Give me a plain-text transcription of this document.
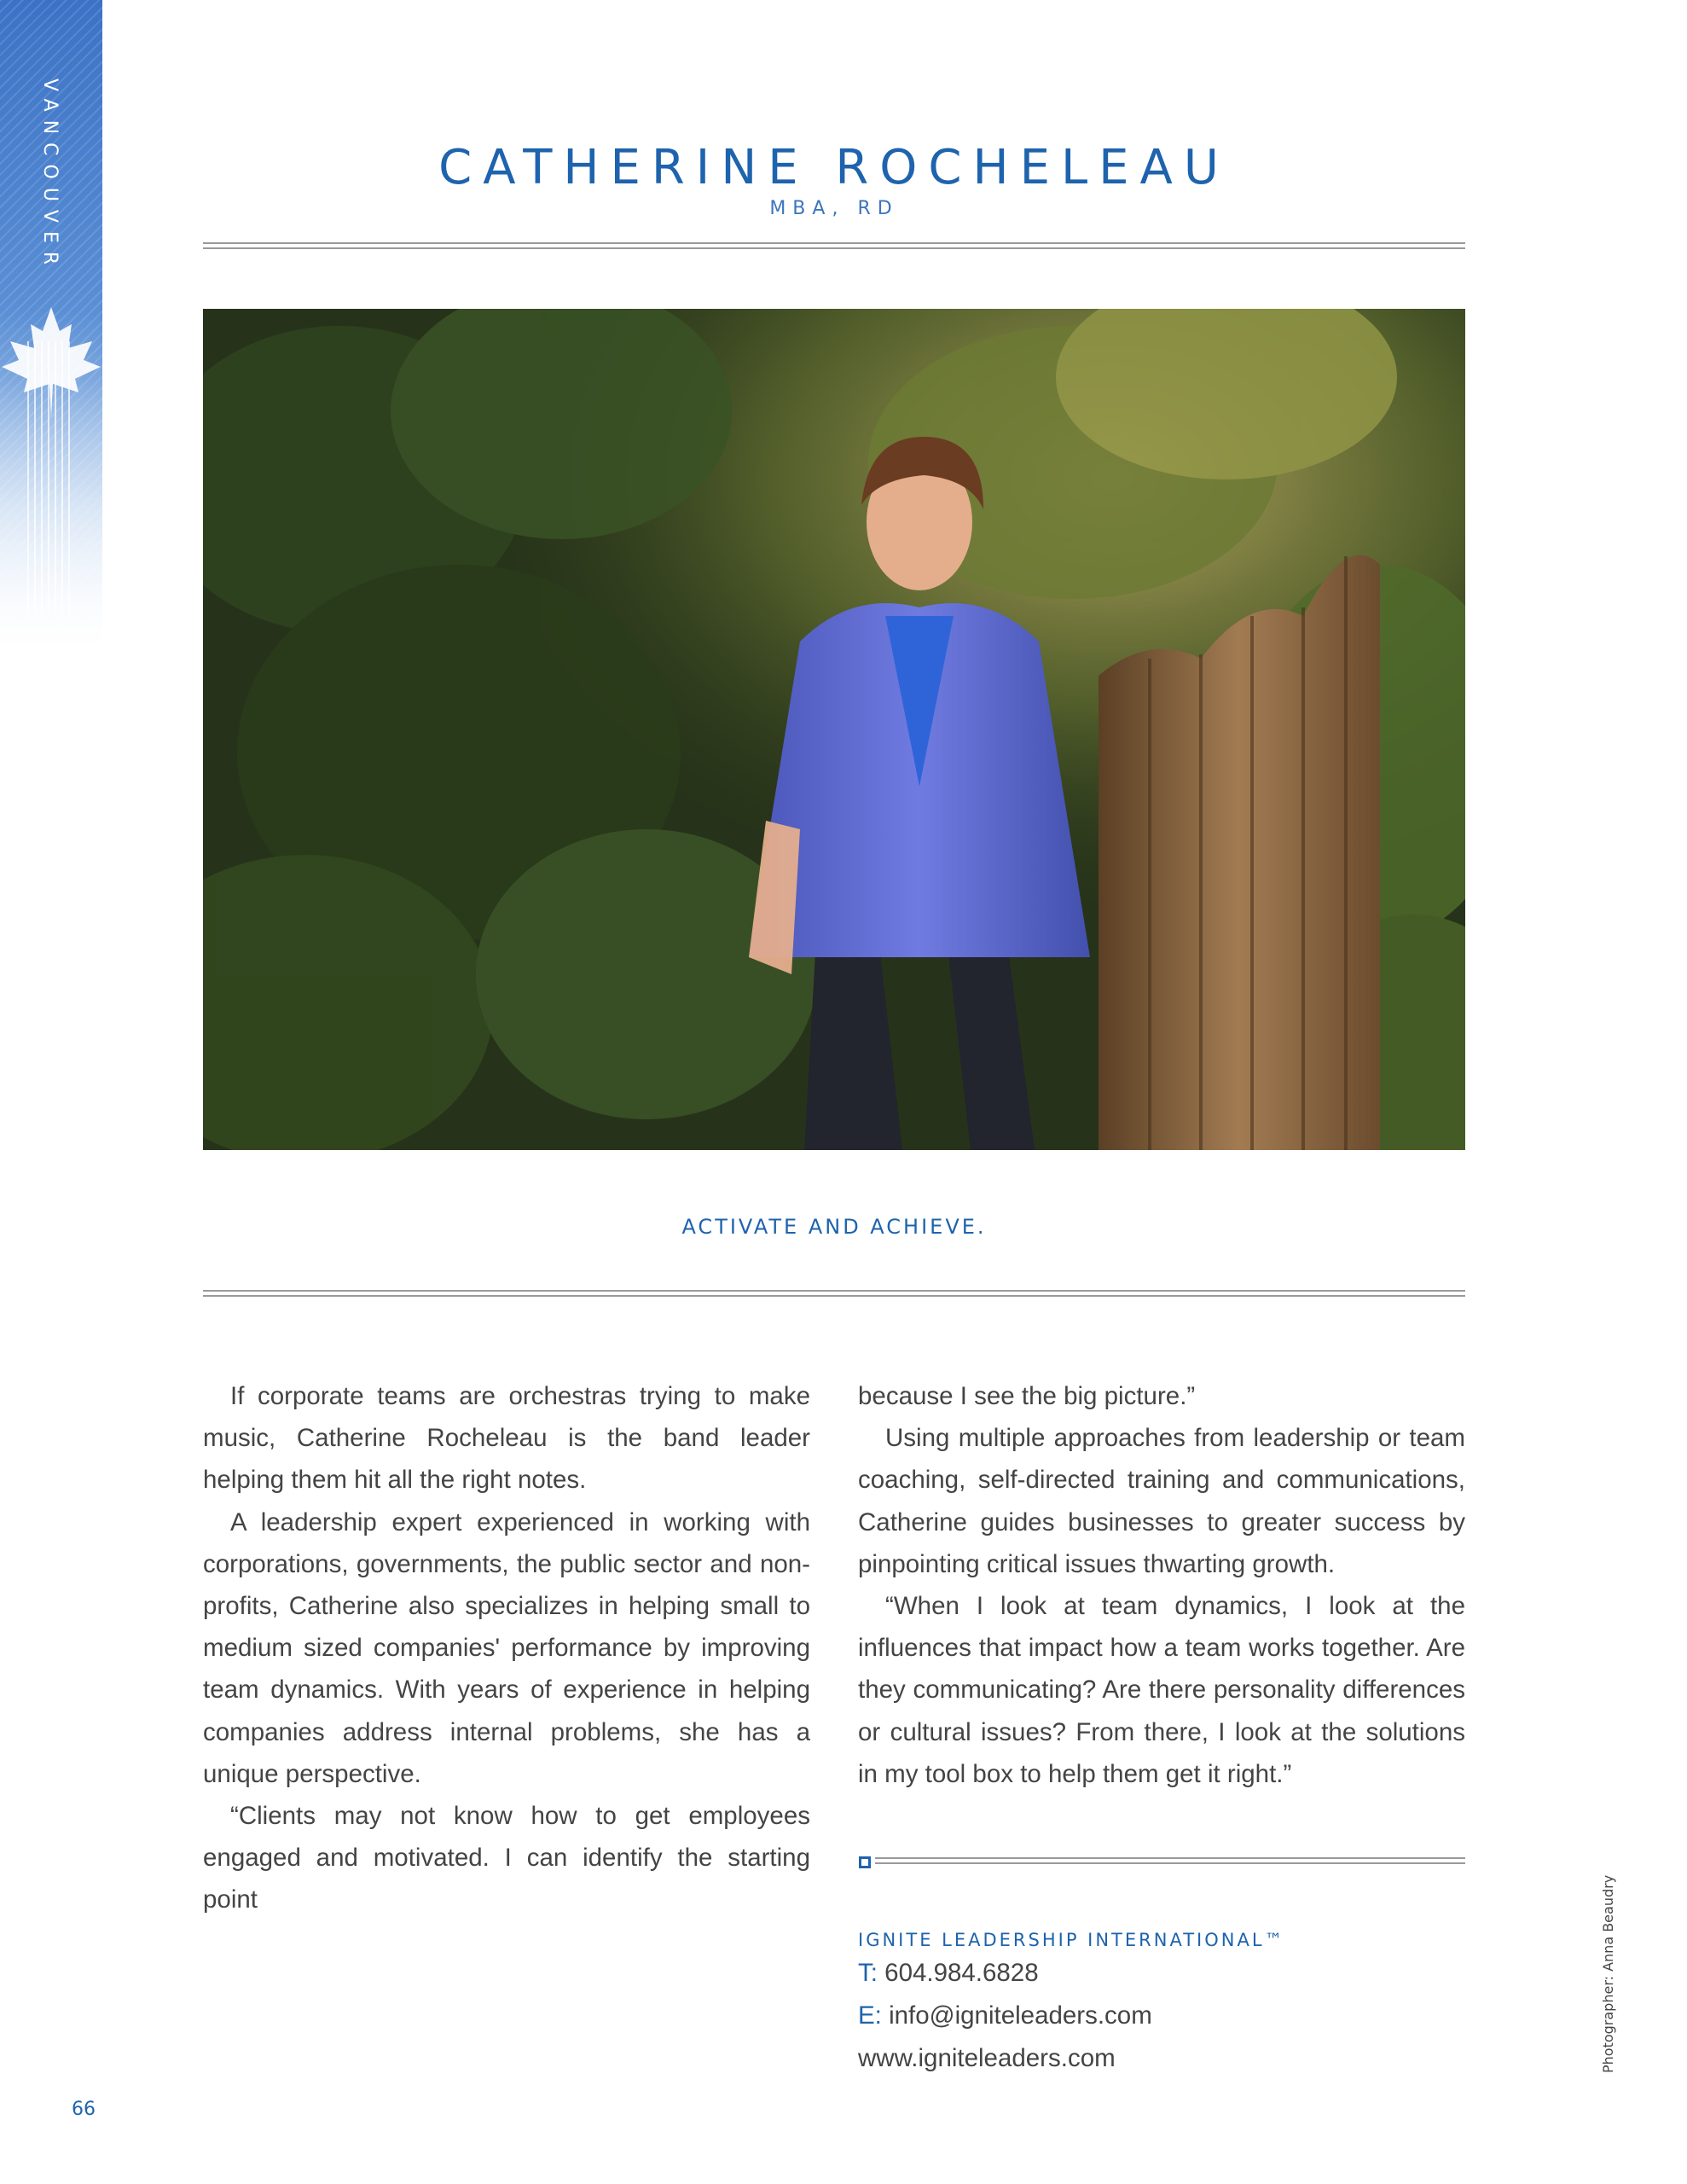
VANCOUVER	CATHERINE ROCHELEAU
MBA, RD
ACTIVATE AND ACHIEVE.

If corporate teams are orchestras trying to make music, Catherine Rocheleau is the band leader helping them hit all the right notes.

A leadership expert experienced in working with corporations, governments, the public sector and non-profits, Catherine also specializes in helping small to medium sized companies' performance by improving team dynamics. With years of experience in helping companies address internal problems, she has a unique perspective.

“Clients may not know how to get employees engaged and motivated. I can identify the starting point

because I see the big picture.”

Using multiple approaches from leadership or team coaching, self-directed training and communications, Catherine guides businesses to greater success by pinpointing critical issues thwarting growth.

“When I look at team dynamics, I look at the influences that impact how a team works together. Are they communicating? Are there personality differences or cultural issues? From there, I look at the solutions in my tool box to help them get it right.”

IGNITE LEADERSHIP INTERNATIONAL™
T: 604.984.6828
E: info@igniteleaders.com
www.igniteleaders.com	Photographer: Anna Beaudry
66
